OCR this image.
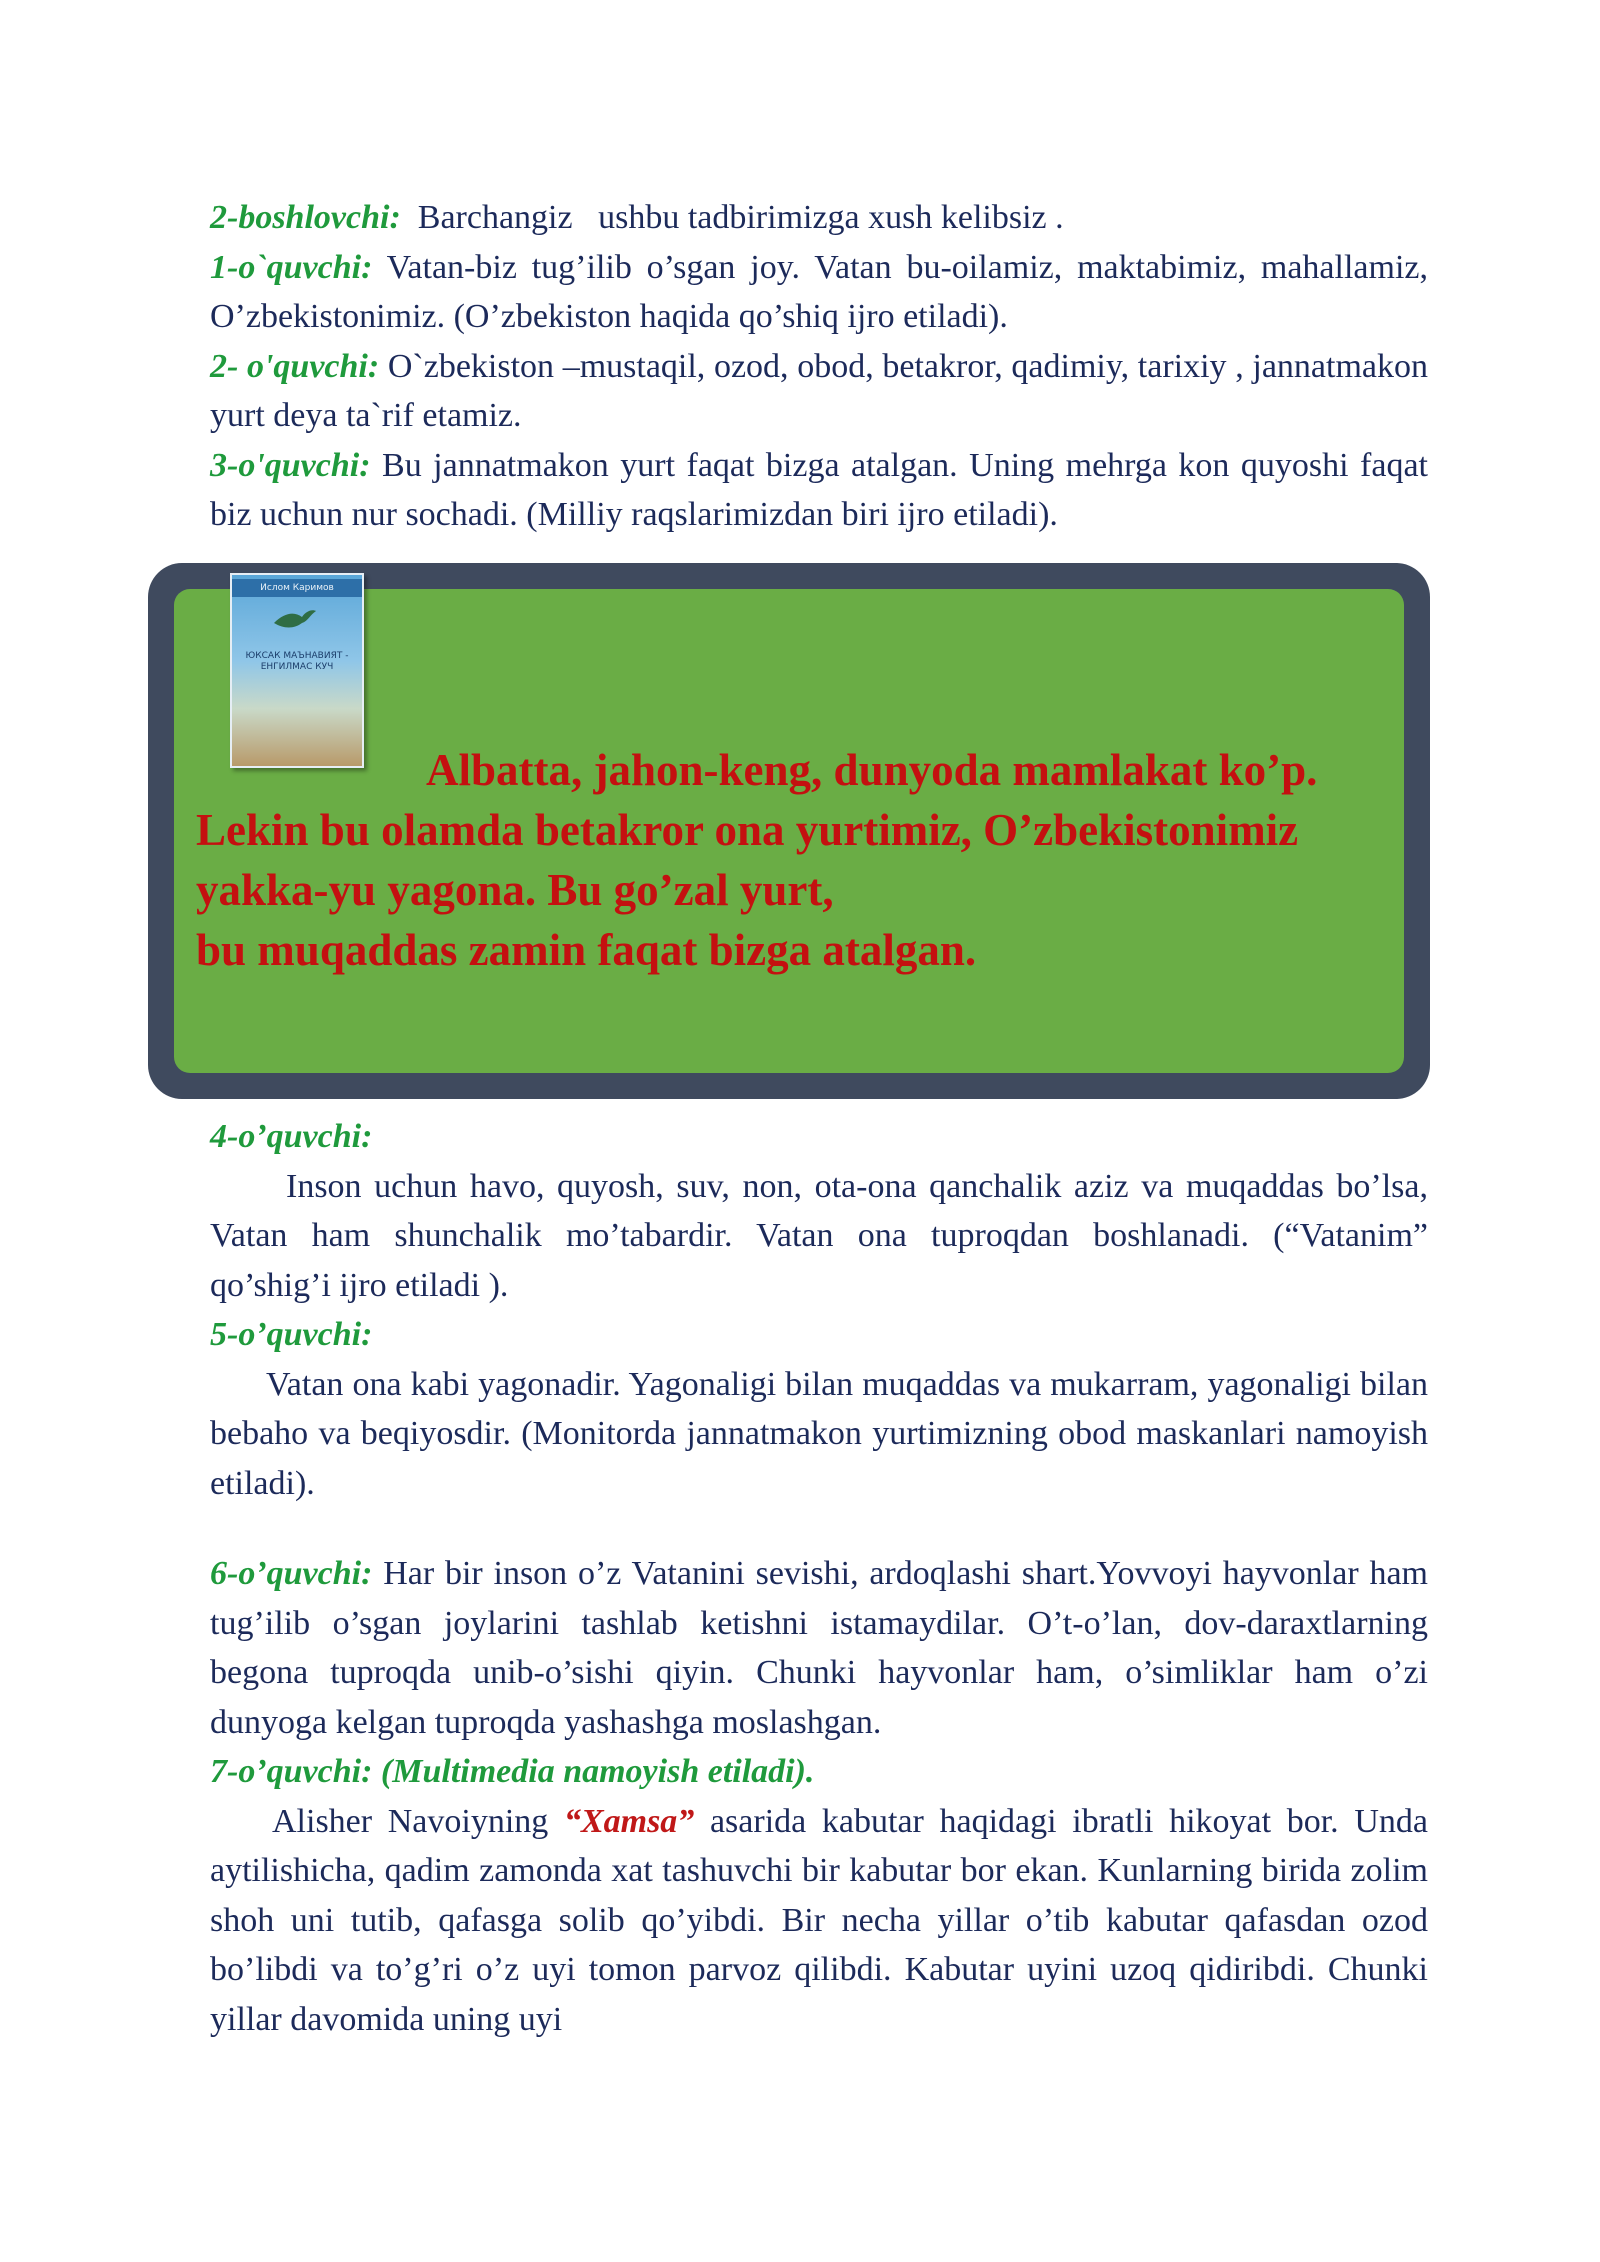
2-boshlovchi:  Barchangiz   ushbu tadbirimizga xush kelibsiz .

1-o`quvchi: Vatan-biz tug’ilib o’sgan joy. Vatan bu-oilamiz, maktabimiz, mahallamiz, O’zbekistonimiz. (O’zbekiston haqida qo’shiq ijro etiladi).

2- o'quvchi: O`zbekiston –mustaqil, ozod, obod, betakror, qadimiy, tarixiy , jannatmakon yurt deya ta`rif etamiz.

3-o'quvchi: Bu jannatmakon yurt faqat bizga atalgan. Uning mehrga kon quyoshi faqat biz uchun nur sochadi. (Milliy raqslarimizdan biri ijro etiladi).

Ислом Каримов
ЮКСАК МАЪНАВИЯТ - ЕНГИЛМАС КУЧ
Albatta, jahon-keng, dunyoda mamlakat ko’p.
Lekin bu olamda betakror ona yurtimiz, O’zbekistonimiz
yakka-yu yagona. Bu go’zal yurt,
bu muqaddas zamin faqat bizga atalgan.

4-o’quvchi:

Inson uchun havo, quyosh, suv, non, ota-ona qanchalik aziz va muqaddas bo’lsa, Vatan ham shunchalik mo’tabardir. Vatan ona tuproqdan boshlanadi. (“Vatanim” qo’shig’i ijro etiladi ).

5-o’quvchi:

Vatan ona kabi yagonadir. Yagonaligi bilan muqaddas va mukarram, yagonaligi bilan bebaho va beqiyosdir. (Monitorda jannatmakon yurtimizning obod maskanlari namoyish etiladi).

6-o’quvchi: Har bir inson o’z Vatanini sevishi, ardoqlashi shart.Yovvoyi hayvonlar ham tug’ilib o’sgan joylarini tashlab ketishni istamaydilar. O’t-o’lan, dov-daraxtlarning begona tuproqda unib-o’sishi qiyin. Chunki hayvonlar ham, o’simliklar ham o’zi dunyoga kelgan tuproqda yashashga moslashgan.

7-o’quvchi: (Multimedia namoyish etiladi).

Alisher Navoiyning “Xamsa” asarida kabutar haqidagi ibratli hikoyat bor. Unda aytilishicha, qadim zamonda xat tashuvchi bir kabutar bor ekan. Kunlarning birida zolim shoh uni tutib, qafasga solib qo’yibdi. Bir necha yillar o’tib kabutar qafasdan ozod bo’libdi va to’g’ri o’z uyi tomon parvoz qilibdi. Kabutar uyini uzoq qidiribdi. Chunki yillar davomida uning uyi
